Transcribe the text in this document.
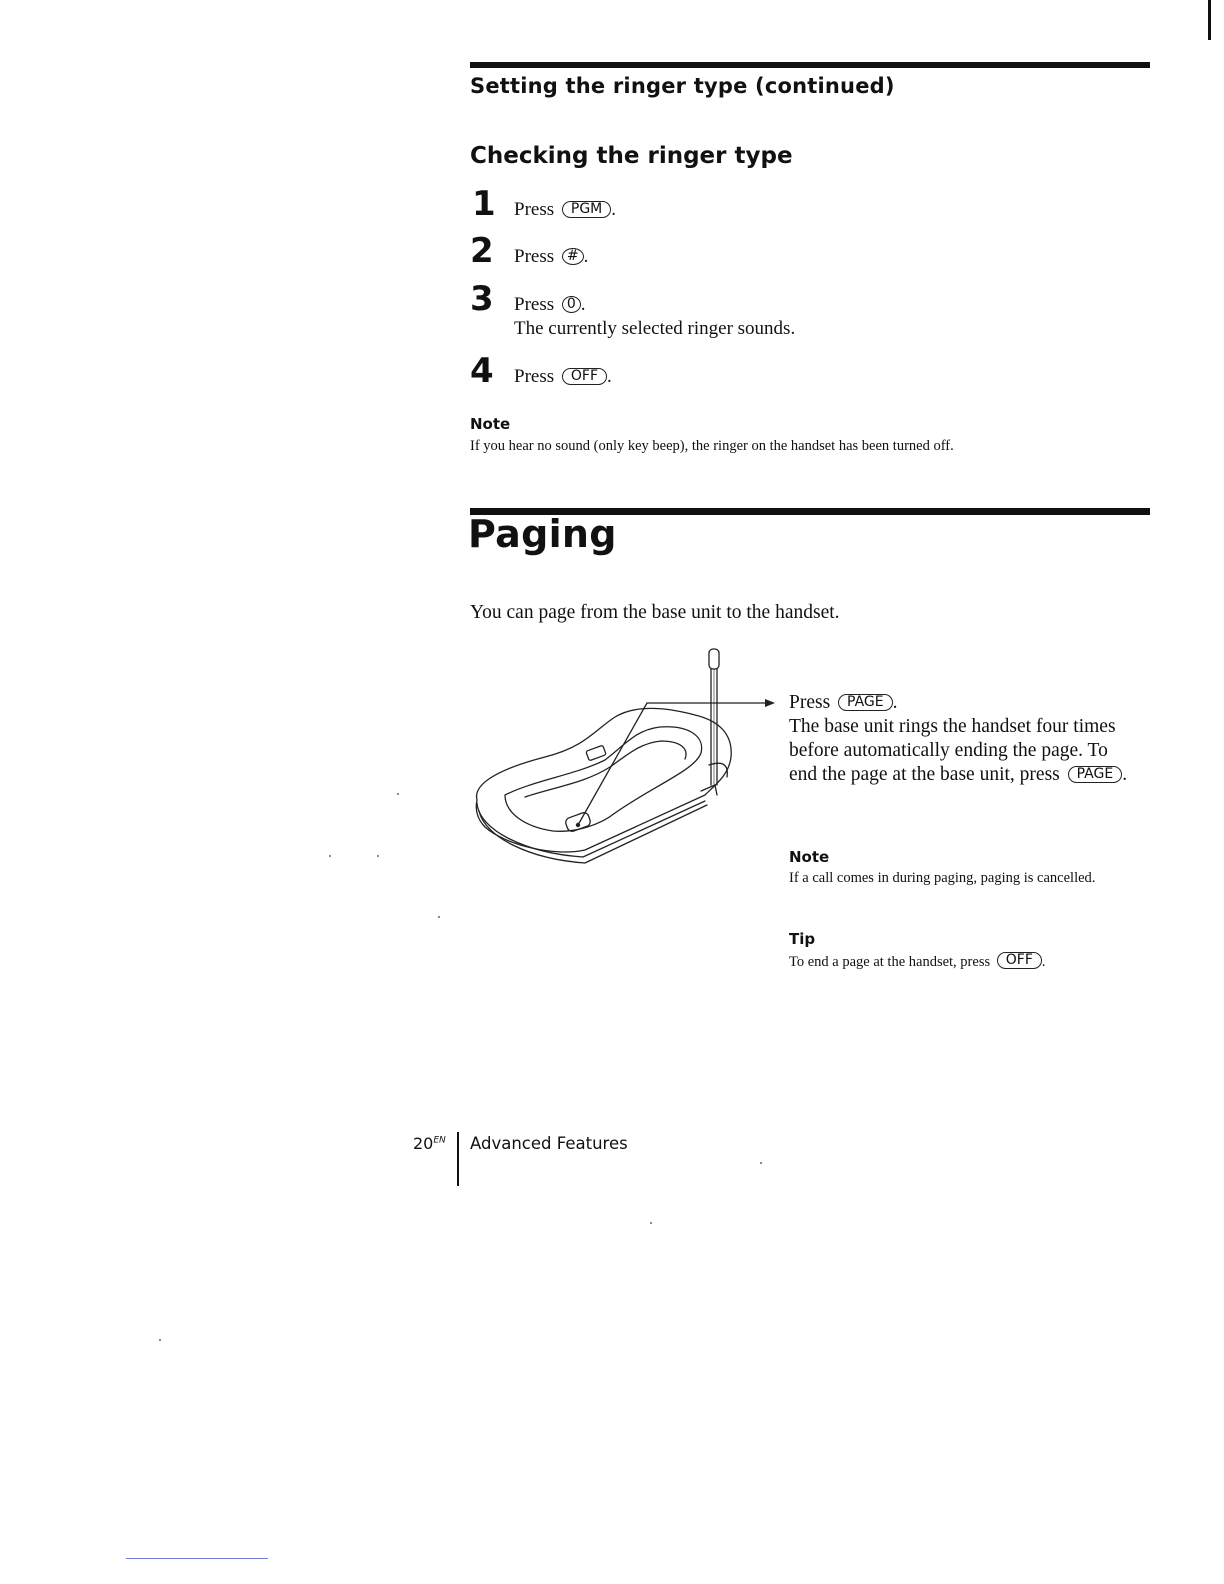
Setting the ringer type (continued)
Checking the ringer type
1 Press PGM .
2 Press # .
3 Press 0 .
The currently selected ringer sounds.
4 Press OFF .
Note
If you hear no sound (only key beep), the ringer on the handset has been turned off.
Paging
You can page from the base unit to the handset.
Press PAGE .
The base unit rings the handset four times before automatically ending the page. To end the page at the base unit, press PAGE .
Note
If a call comes in during paging, paging is cancelled.
Tip
To end a page at the handset, press OFF .
$20^{EN}$ Advanced Features
